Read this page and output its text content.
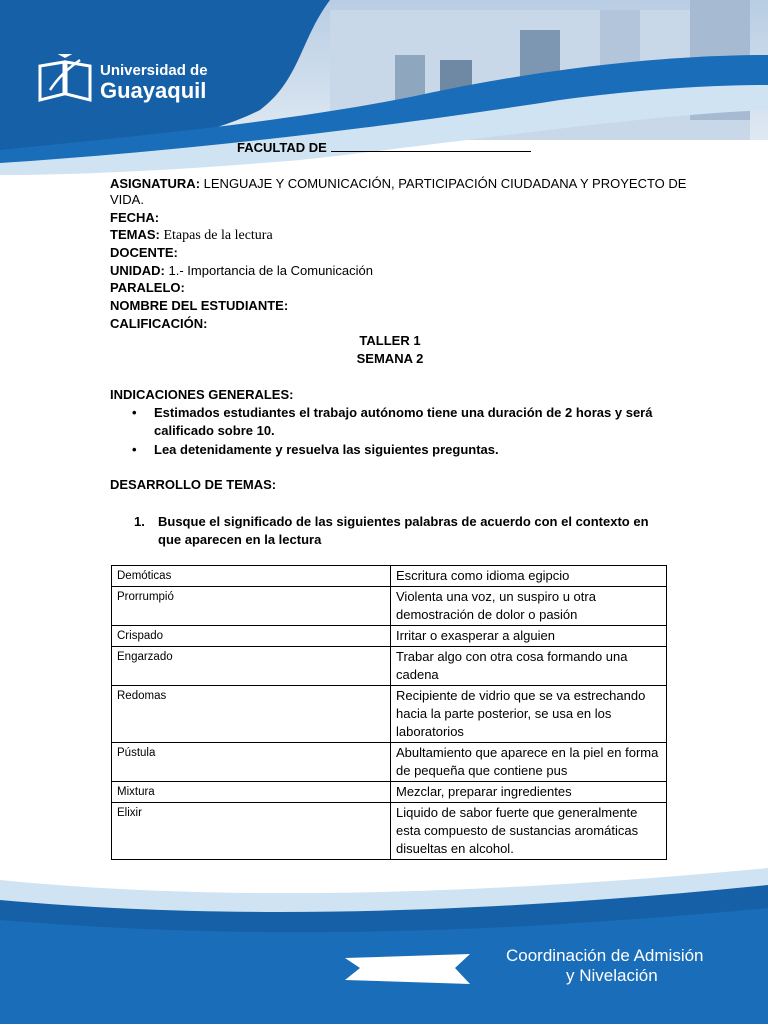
Universidad de
Guayaquil
FACULTAD DE
ASIGNATURA: LENGUAJE Y COMUNICACIÓN, PARTICIPACIÓN CIUDADANA Y PROYECTO DE
VIDA.
FECHA:
TEMAS: Etapas de la lectura
DOCENTE:
UNIDAD: 1.- Importancia de la Comunicación
PARALELO:
NOMBRE DEL ESTUDIANTE:
CALIFICACIÓN:
TALLER 1
SEMANA 2
INDICACIONES GENERALES:
• Estimados estudiantes el trabajo autónomo tiene una duración de 2 horas y será calificado sobre 10.
• Lea detenidamente y resuelva las siguientes preguntas.
DESARROLLO DE TEMAS:
1. Busque el significado de las siguientes palabras de acuerdo con el contexto en que aparecen en la lectura
Demóticas	Escritura como idioma egipcio
Prorrumpió	Violenta una voz, un suspiro u otra demostración de dolor o pasión
Crispado	Irritar o exasperar a alguien
Engarzado	Trabar algo con otra cosa formando una cadena
Redomas	Recipiente de vidrio que se va estrechando hacia la parte posterior, se usa en los laboratorios
Pústula	Abultamiento que aparece en la piel en forma de pequeña que contiene pus
Mixtura	Mezclar, preparar ingredientes
Elixir	Liquido de sabor fuerte que generalmente esta compuesto de sustancias aromáticas disueltas en alcohol.
Coordinación de Admisión
y Nivelación
